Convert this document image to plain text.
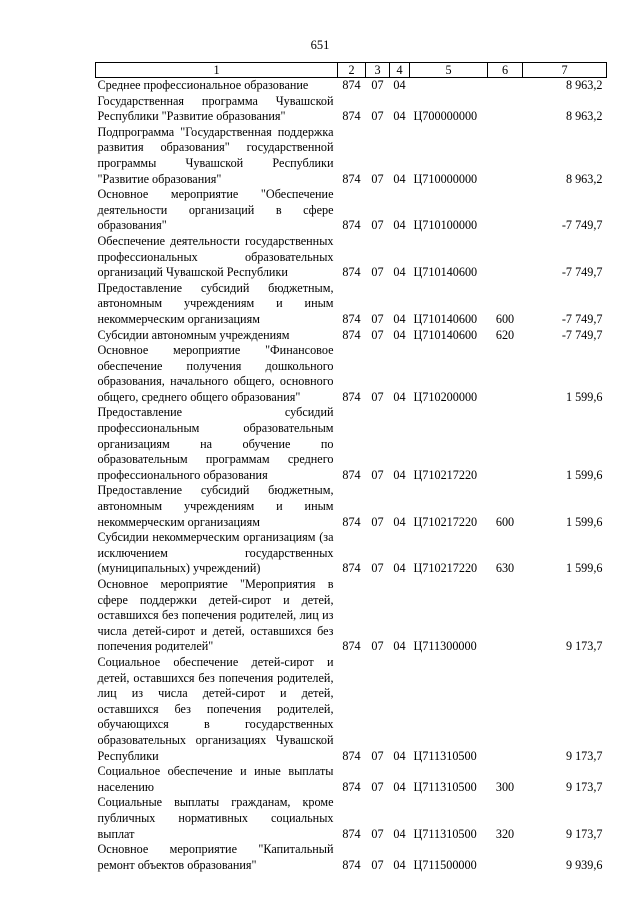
651
1	2	3	4	5	6	7
Среднее профессиональное образование	874	07	04			8 963,2
Государственная программа Чувашской Республики "Развитие образования"	874	07	04	Ц700000000		8 963,2
Подпрограмма "Государственная поддержка развития образования" государственной программы Чувашской Республики "Развитие образования"	874	07	04	Ц710000000		8 963,2
Основное мероприятие "Обеспечение деятельности организаций в сфере образования"	874	07	04	Ц710100000		-7 749,7
Обеспечение деятельности государственных профессиональных образовательных организаций Чувашской Республики	874	07	04	Ц710140600		-7 749,7
Предоставление субсидий бюджетным, автономным учреждениям и иным некоммерческим организациям	874	07	04	Ц710140600	600	-7 749,7
Субсидии автономным учреждениям	874	07	04	Ц710140600	620	-7 749,7
Основное мероприятие "Финансовое обеспечение получения дошкольного образования, начального общего, основного общего, среднего общего образования"	874	07	04	Ц710200000		1 599,6
Предоставление субсидий профессиональным образовательным организациям на обучение по образовательным программам среднего профессионального образования	874	07	04	Ц710217220		1 599,6
Предоставление субсидий бюджетным, автономным учреждениям и иным некоммерческим организациям	874	07	04	Ц710217220	600	1 599,6
Субсидии некоммерческим организациям (за исключением государственных (муниципальных) учреждений)	874	07	04	Ц710217220	630	1 599,6
Основное мероприятие "Мероприятия в сфере поддержки детей-сирот и детей, оставшихся без попечения родителей, лиц из числа детей-сирот и детей, оставшихся без попечения родителей"	874	07	04	Ц711300000		9 173,7
Социальное обеспечение детей-сирот и детей, оставшихся без попечения родителей, лиц из числа детей-сирот и детей, оставшихся без попечения родителей, обучающихся в государственных образовательных организациях Чувашской Республики	874	07	04	Ц711310500		9 173,7
Социальное обеспечение и иные выплаты населению	874	07	04	Ц711310500	300	9 173,7
Социальные выплаты гражданам, кроме публичных нормативных социальных выплат	874	07	04	Ц711310500	320	9 173,7
Основное мероприятие "Капитальный ремонт объектов образования"	874	07	04	Ц711500000		9 939,6
